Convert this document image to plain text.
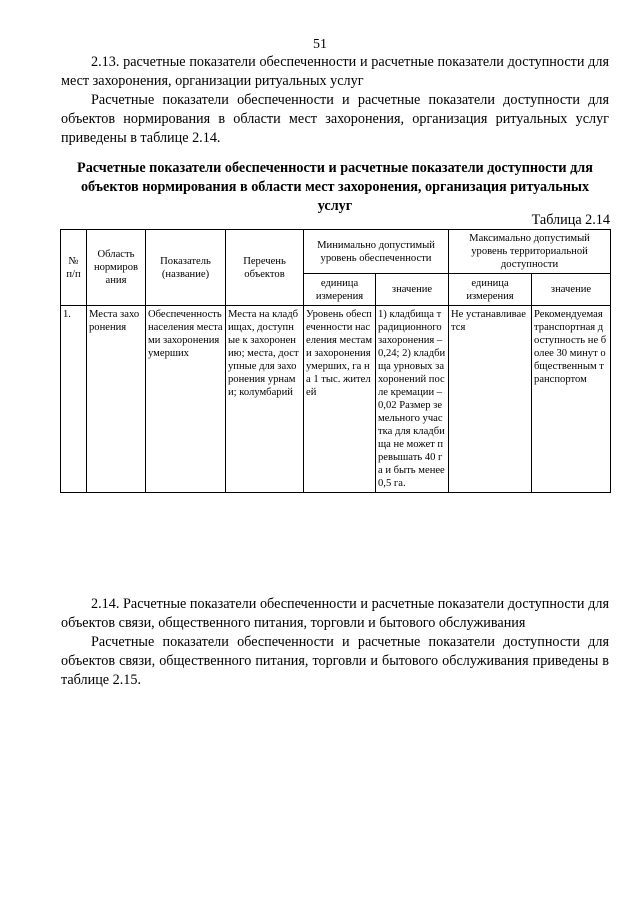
51

2.13. расчетные показатели обеспеченности и расчетные показатели доступности для мест захоронения, организации ритуальных услуг

Расчетные показатели обеспеченности и расчетные показатели доступности для объектов нормирования в области мест захоронения, организация ритуальных услуг приведены в таблице 2.14.

Расчетные показатели обеспеченности и расчетные показатели доступности для объектов нормирования в области мест захоронения, организация ритуальных услуг

Таблица 2.14
№ п/п	Область нормиров ания	Показатель (название)	Перечень объектов	Минимально допустимый уровень обеспеченности		Максимально допустимый уровень территориальной доступности	
				единица измерения	значение	единица измерения	значение
1.	Места захоронения	Обеспеченность населения местами захоронения умерших	Места на кладбищах, доступные к захоронению; места, доступные для захоронения урнами; колумбарий	Уровень обеспеченности населения местами захоронения умерших, га на 1 тыс. жителей	1) кладбища традиционного захоронения – 0,24; 2) кладбища урновых захоронений после кремации – 0,02 Размер земельного участка для кладбища не может превышать 40 га и быть менее 0,5 га.	Не устанавливается	Рекомендуемая транспортная доступность не более 30 минут общественным транспортом

2.14. Расчетные показатели обеспеченности и расчетные показатели доступности для объектов связи, общественного питания, торговли и бытового обслуживания

Расчетные показатели обеспеченности и расчетные показатели доступности для объектов связи, общественного питания, торговли и бытового обслуживания приведены в таблице 2.15.
